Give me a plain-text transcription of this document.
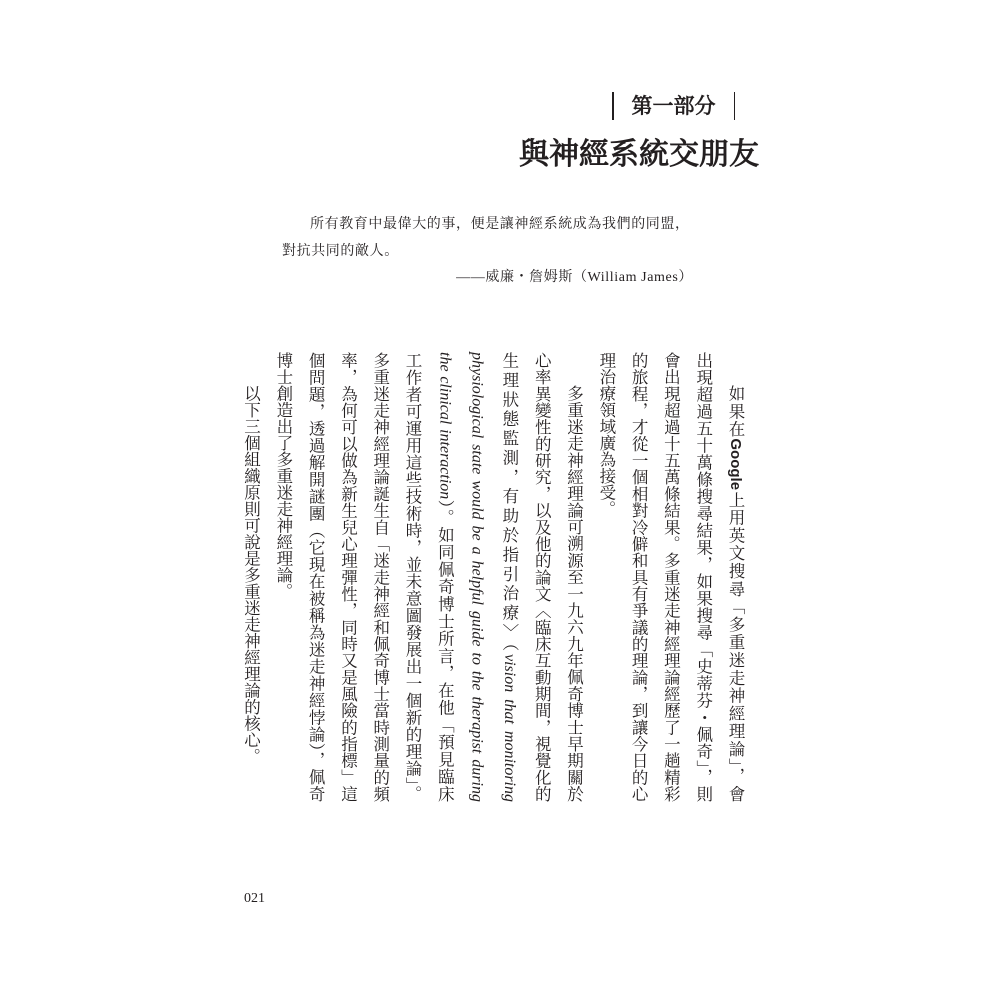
第一部分
與神經系統交朋友
所有教育中最偉大的事，便是讓神經系統成為我們的同盟，
對抗共同的敵人。
——威廉・詹姆斯（William James）
如果在Google上用英文搜尋「多重迷走神經理論」，會
出現超過五十萬條搜尋結果，如果搜尋「史蒂芬・佩奇」，則
會出現超過十五萬條結果。多重迷走神經理論經歷了一趟精彩
的旅程，才從一個相對冷僻和具有爭議的理論，到讓今日的心
理治療領域廣為接受。
多重迷走神經理論可溯源至一九六九年佩奇博士早期關於
心率異變性的研究，以及他的論文〈臨床互動期間，視覺化的
生理狀態監測，有助於指引治療〉（vision that monitoring
physiological state would be a helpful guide to the therapist during
the clinical interaction）。如同佩奇博士所言，在他「預見臨床
工作者可運用這些技術時，並未意圖發展出一個新的理論」。
多重迷走神經理論誕生自「迷走神經和佩奇博士當時測量的頻
率，為何可以做為新生兒心理彈性，同時又是風險的指標」這
個問題，透過解開謎團（它現在被稱為迷走神經悖論），佩奇
博士創造出了多重迷走神經理論。
以下三個組織原則可說是多重迷走神經理論的核心。
021
